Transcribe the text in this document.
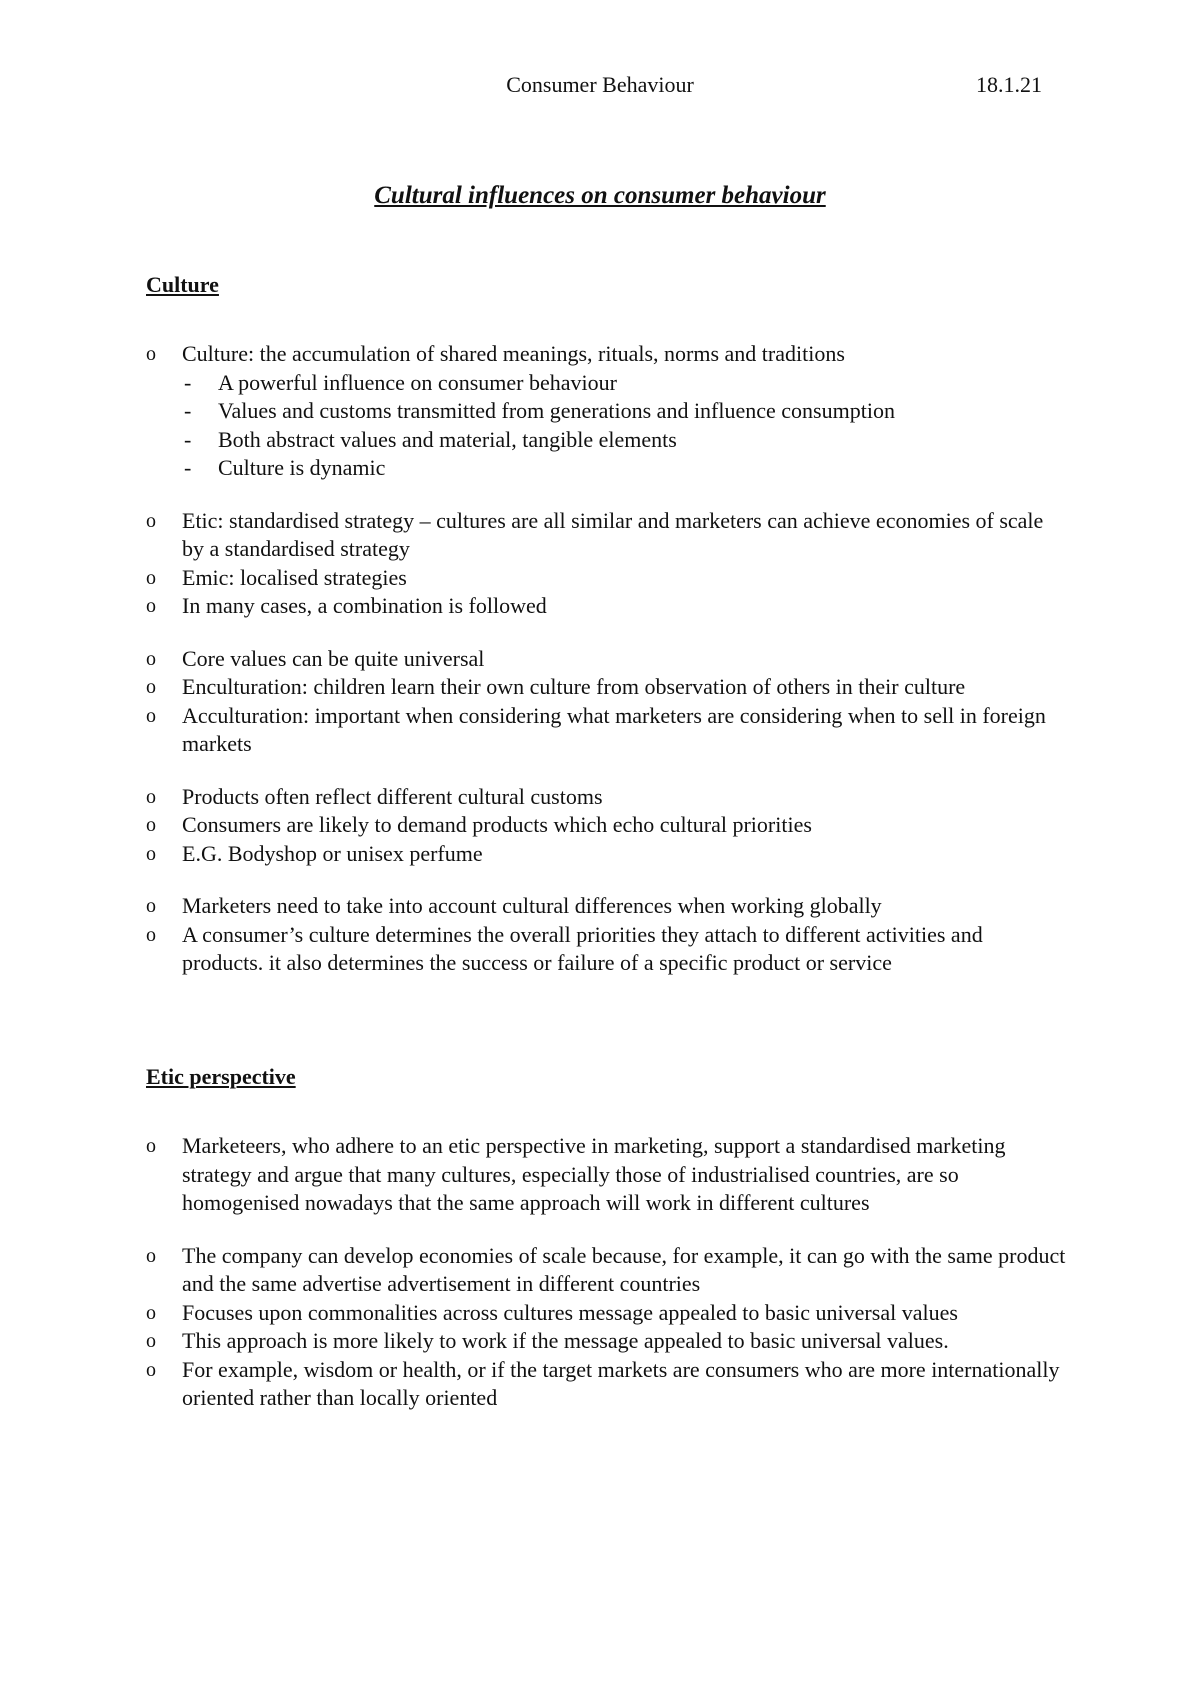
Consumer Behaviour	18.1.21
Cultural influences on consumer behaviour
Culture
o	Culture: the accumulation of shared meanings, rituals, norms and traditions
- A powerful influence on consumer behaviour
- Values and customs transmitted from generations and influence consumption
- Both abstract values and material, tangible elements
- Culture is dynamic
o	Etic: standardised strategy – cultures are all similar and marketers can achieve economies of scale by a standardised strategy
o	Emic: localised strategies
o	In many cases, a combination is followed
o	Core values can be quite universal
o	Enculturation: children learn their own culture from observation of others in their culture
o	Acculturation: important when considering what marketers are considering when to sell in foreign markets
o	Products often reflect different cultural customs
o	Consumers are likely to demand products which echo cultural priorities
o	E.G. Bodyshop or unisex perfume
o	Marketers need to take into account cultural differences when working globally
o	A consumer’s culture determines the overall priorities they attach to different activities and products. it also determines the success or failure of a specific product or service
Etic perspective
o	Marketeers, who adhere to an etic perspective in marketing, support a standardised marketing strategy and argue that many cultures, especially those of industrialised countries, are so homogenised nowadays that the same approach will work in different cultures
o	The company can develop economies of scale because, for example, it can go with the same product and the same advertise advertisement in different countries
o	Focuses upon commonalities across cultures message appealed to basic universal values
o	This approach is more likely to work if the message appealed to basic universal values.
o	For example, wisdom or health, or if the target markets are consumers who are more internationally oriented rather than locally oriented
